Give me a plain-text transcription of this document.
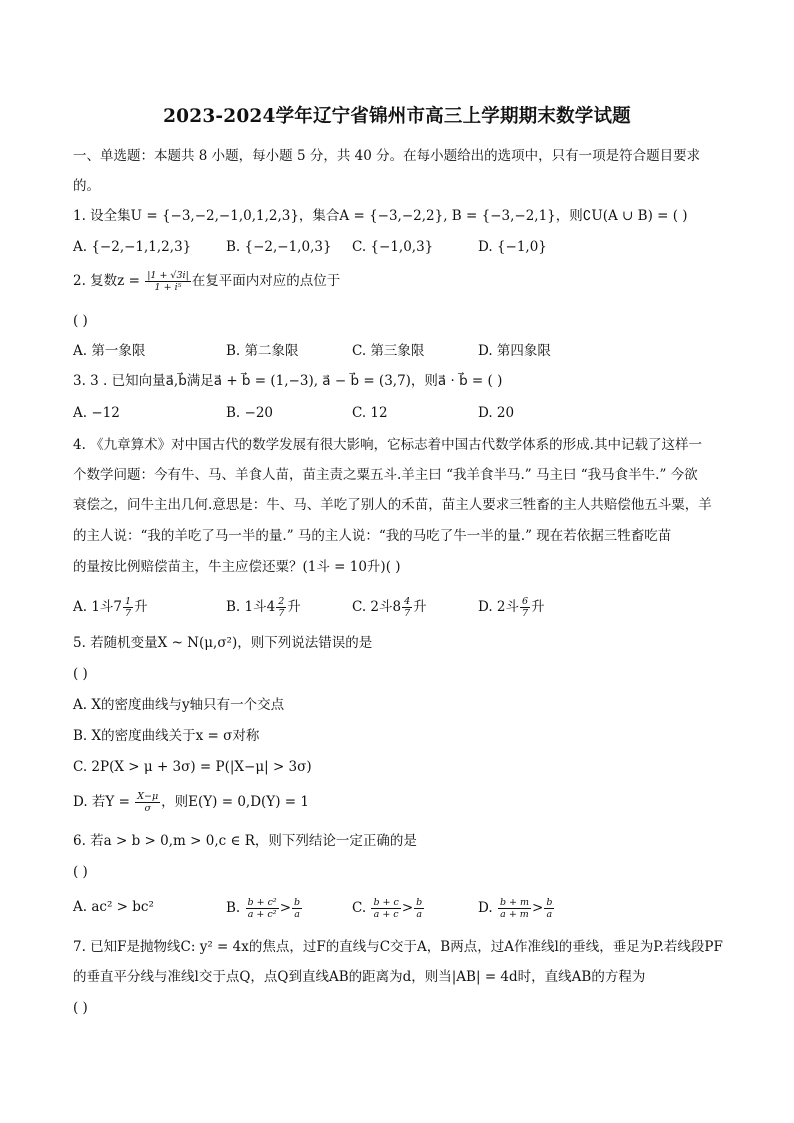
2023-2024学年辽宁省锦州市高三上学期期末数学试题
一、单选题：本题共 8 小题，每小题 5 分，共 40 分。在每小题给出的选项中，只有一项是符合题目要求
的。
1. 设全集U = {−3,−2,−1,0,1,2,3}，集合A = {−3,−2,2}, B = {−3,−2,1}，则∁U(A ∪ B) = ( )
A. {−2,−1,1,2,3}	B. {−2,−1,0,3} C. {−1,0,3}	D. {−1,0}
2. 复数$z = \frac{|1 + √3i|}{\text{1 + i⁵}}$ 在复平面内对应的点位于
( )
A. 第一象限	B. 第二象限	C. 第三象限	D. 第四象限
3. 3 . 已知向量a⃗,b⃗满足a⃗ + b⃗ = (1,−3), a⃗ − b⃗ = (3,7)，则a⃗ · b⃗ = ( )
A. −12	B. −20	C. 12	D. 20
4. 《九章算术》对中国古代的数学发展有很大影响，它标志着中国古代数学体系的形成.其中记载了这样一
个数学问题：今有牛、马、羊食人苗，苗主责之粟五斗.羊主曰 “我羊食半马.” 马主曰 “我马食半牛.” 今欲
衰偿之，问牛主出几何.意思是：牛、马、羊吃了别人的禾苗，苗主人要求三牲畜的主人共赔偿他五斗粟，羊
的主人说：“我的羊吃了马一半的量.” 马的主人说：“我的马吃了牛一半的量.” 现在若依据三牲畜吃苗
的量按比例赔偿苗主，牛主应偿还粟？(1斗 = 10升)( )
A. 1斗$7 \frac{1}{7}$ 升	B. 1斗$4 \frac{2}{7}$ 升	C. 2斗$8 \frac{4}{7}$ 升	D. 2斗 $\frac{6}{7}$ 升
5. 若随机变量X ~ N(μ,σ²)，则下列说法错误的是
( )
A. X的密度曲线与y轴只有一个交点
B. X的密度曲线关于x = σ对称
C. 2P(X > μ + 3σ) = P(|X−μ| > 3σ)
D. 若$Y = \frac{X-\mu}{\sigma}$ ，则E(Y) = 0,D(Y) = 1
6. 若a > b > 0,m > 0,c ∈ R，则下列结论一定正确的是
( )
A. ac² > bc²	B. $\frac{\text{b + c²}}{\text{a + c²}} > \frac{b}{a}$	C. $\frac{b + c}{a + c} > \frac{b}{a}$	D. $\frac{b + m}{a + m} > \frac{b}{a}$
7. 已知F是抛物线C: y² = 4x的焦点，过F的直线与C交于A，B两点，过A作准线l的垂线，垂足为P.若线段PF
的垂直平分线与准线l交于点Q，点Q到直线AB的距离为d，则当|AB| = 4d时，直线AB的方程为
( )
